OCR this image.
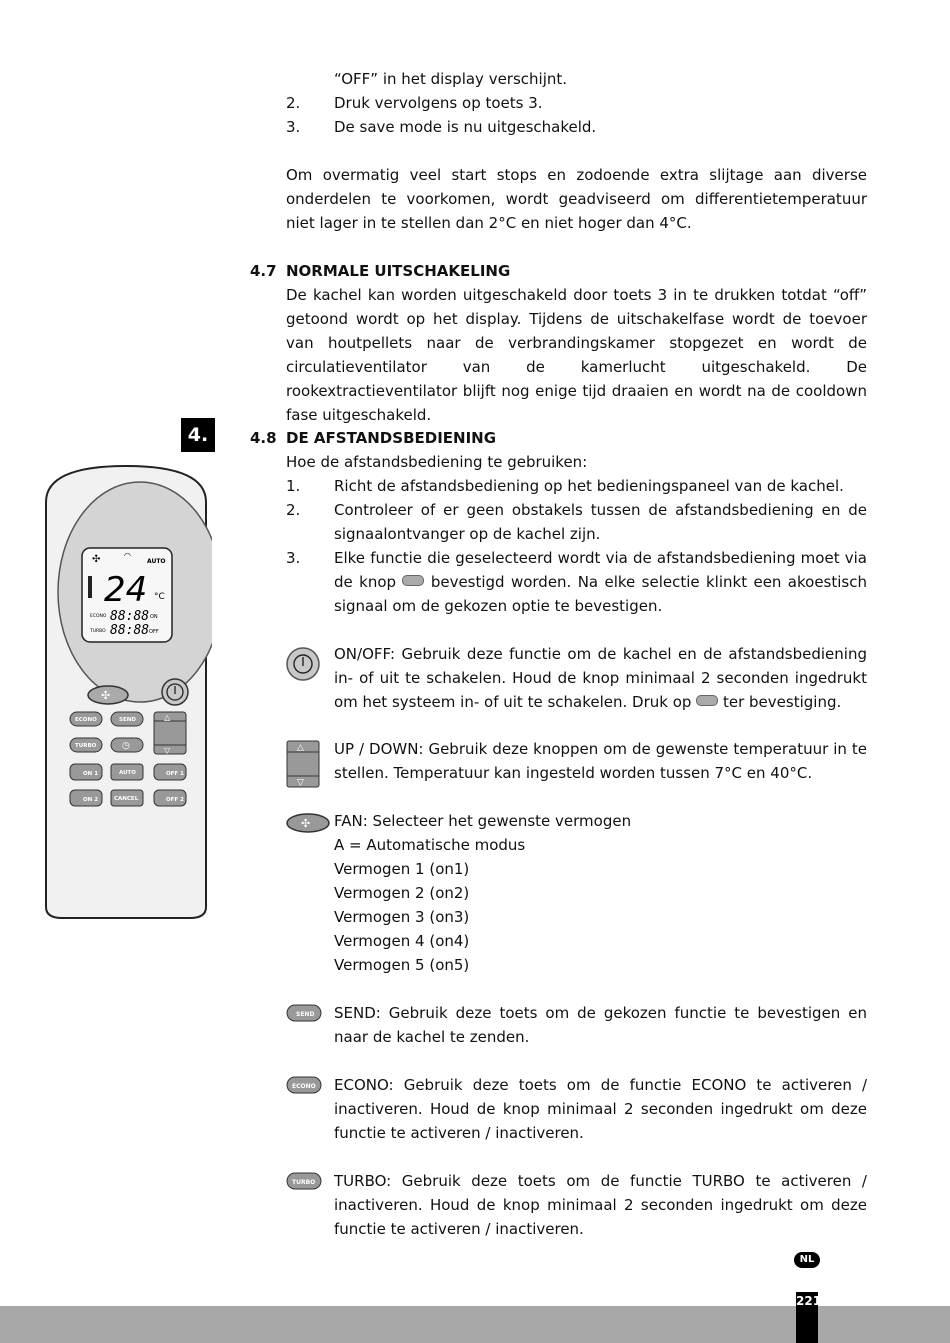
“OFF” in het display verschijnt.
2. Druk vervolgens op toets 3.
3. De save mode is nu uitgeschakeld.

Om overmatig veel start stops en zodoende extra slijtage aan diverse onderdelen te voorkomen, wordt geadviseerd om differentietemperatuur niet lager in te stellen dan 2°C en niet hoger dan 4°C.

4.7 NORMALE UITSCHAKELING

De kachel kan worden uitgeschakeld door toets 3 in te drukken totdat “off” getoond wordt op het display. Tijdens de uitschakelfase wordt de toevoer van houtpellets naar de verbrandingskamer stopgezet en wordt de circulatieventilator van de kamerlucht uitgeschakeld. De rookextractieventilator blijft nog enige tijd draaien en wordt na de cooldown fase uitgeschakeld.

4.	4.8 DE AFSTANDSBEDIENING
Hoe de afstandsbediening te gebruiken:
1. Richt de afstandsbediening op het bedieningspaneel van de kachel.
2. Controleer of er geen obstakels tussen de afstandsbediening en de signaalontvanger op de kachel zijn.

3. Elke functie die geselecteerd wordt via de afstandsbediening moet via de knop bevestigd worden. Na elke selectie klinkt een akoestisch signaal om de gekozen optie te bevestigen.

✣	◠
AUTO
24 °C
ECONO 88:88 ON
TURBO 88:88 OFF
✣
ECONO	SEND
TURBO	◷
ON 1	AUTO	OFF 1
ON 2	CANCEL	OFF 2
△
▽

ON/OFF: Gebruik deze functie om de kachel en de afstandsbediening in- of uit te schakelen. Houd de knop minimaal 2 seconden ingedrukt om het systeem in- of uit te schakelen. Druk op ter bevestiging.

△
▽

UP / DOWN: Gebruik deze knoppen om de gewenste temperatuur in te stellen. Temperatuur kan ingesteld worden tussen 7°C en 40°C.

✣ FAN: Selecteer het gewenste vermogen
A = Automatische modus
Vermogen 1 (on1)
Vermogen 2 (on2)
Vermogen 3 (on3)
Vermogen 4 (on4)
Vermogen 5 (on5)
SEND SEND: Gebruik deze toets om de gekozen functie te bevestigen en naar de kachel te zenden.

ECONO ECONO: Gebruik deze toets om de functie ECONO te activeren / inactiveren. Houd de knop minimaal 2 seconden ingedrukt om deze functie te activeren / inactiveren.

TURBO TURBO: Gebruik deze toets om de functie TURBO te activeren / inactiveren. Houd de knop minimaal 2 seconden ingedrukt om deze functie te activeren / inactiveren.

NL
221
